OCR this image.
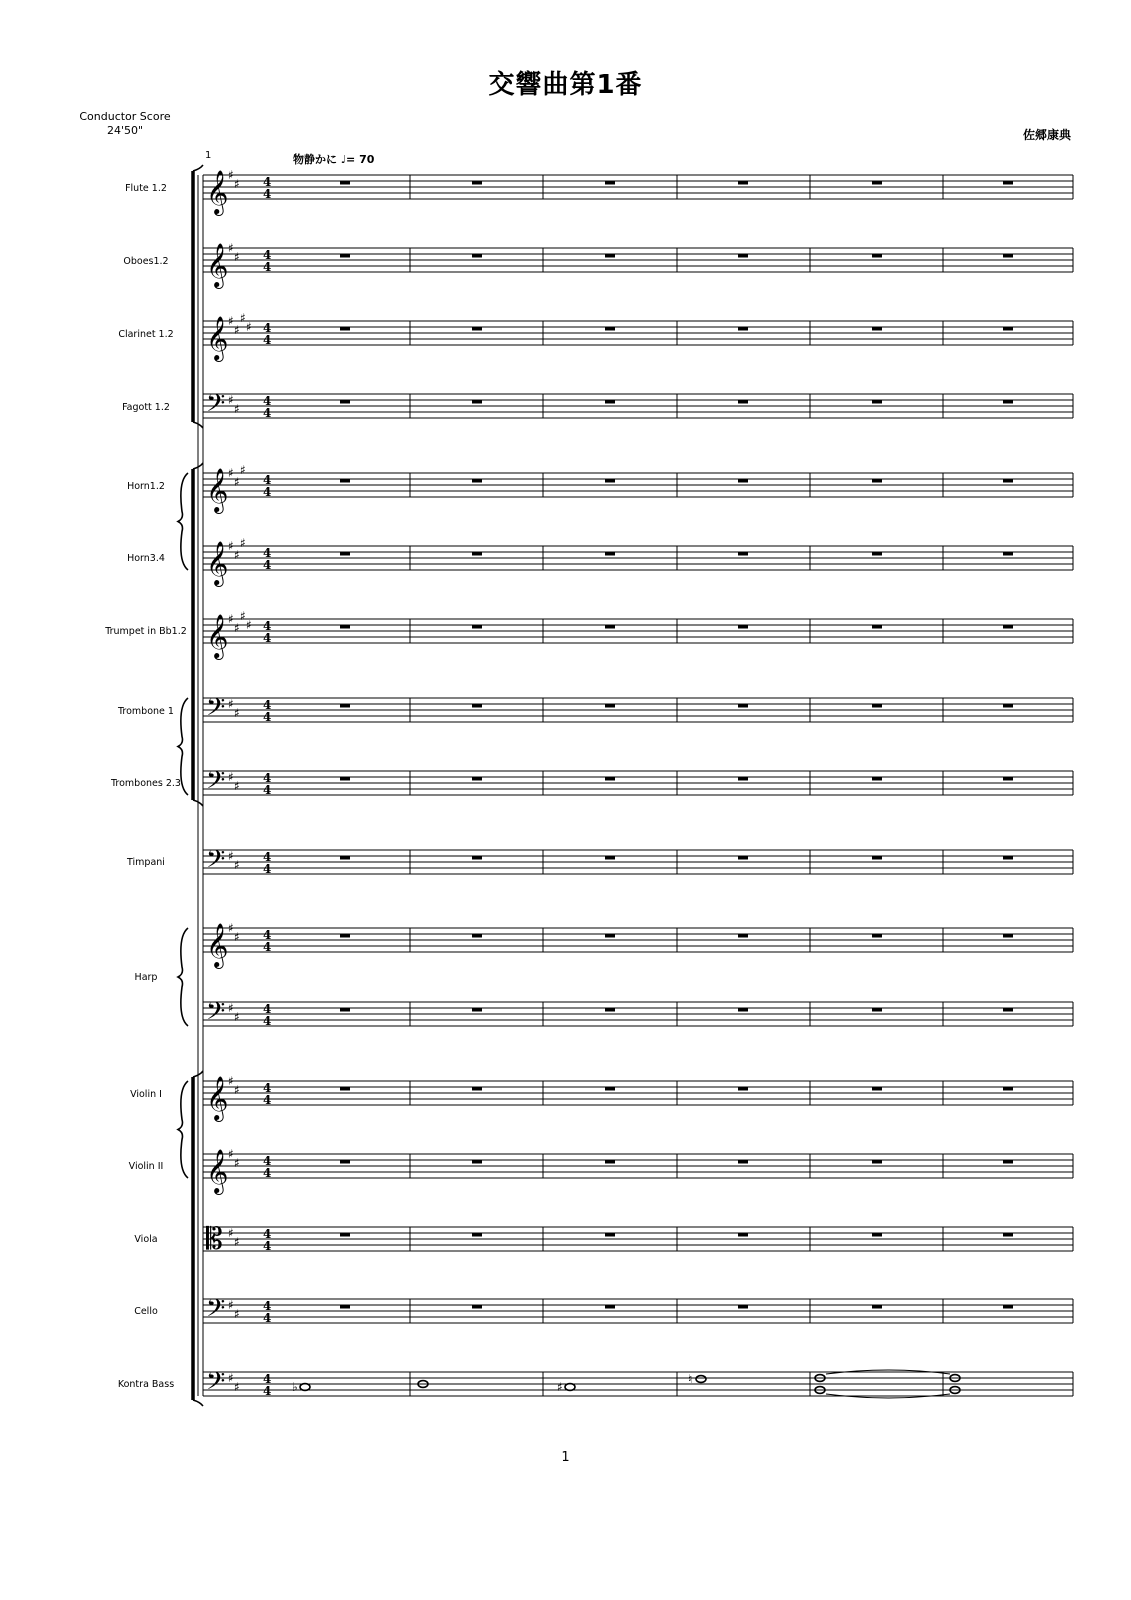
交響曲第1番
Conductor Score
24'50"	佐郷康典
1	物静かに ♩= 70
Flute 1.2
Oboes1.2
Clarinet 1.2
Fagott 1.2
Horn1.2
Horn3.4
Trumpet in Bb1.2
Trombone 1
Trombones 2.3
Timpani
Harp
Violin I
Violin II
Viola
Cello
Kontra Bass
𝄞 ♯
♯ 4
4
𝄞 ♯
♯ 4
4
𝄞 ♯
♯
♯
♯ 4
4
𝄢 ♯
♯
4
4
𝄞 ♯
♯
♯
4
4
𝄞 ♯
♯
♯
4
4
𝄞 ♯
♯
♯
♯ 4
4
𝄢 ♯
♯
4
4
𝄢 ♯
♯
4
4
𝄢 ♯
♯
4
4
𝄞 ♯
♯ 4
4
𝄢 ♯
♯
4
4
𝄞 ♯
♯ 4
4
𝄞 ♯
♯ 4
4
𝄡 ♯
♯
4
4
𝄢 ♯
♯
4
4
𝄢 ♯
♯
4
4 ♭	♯
♮
1
